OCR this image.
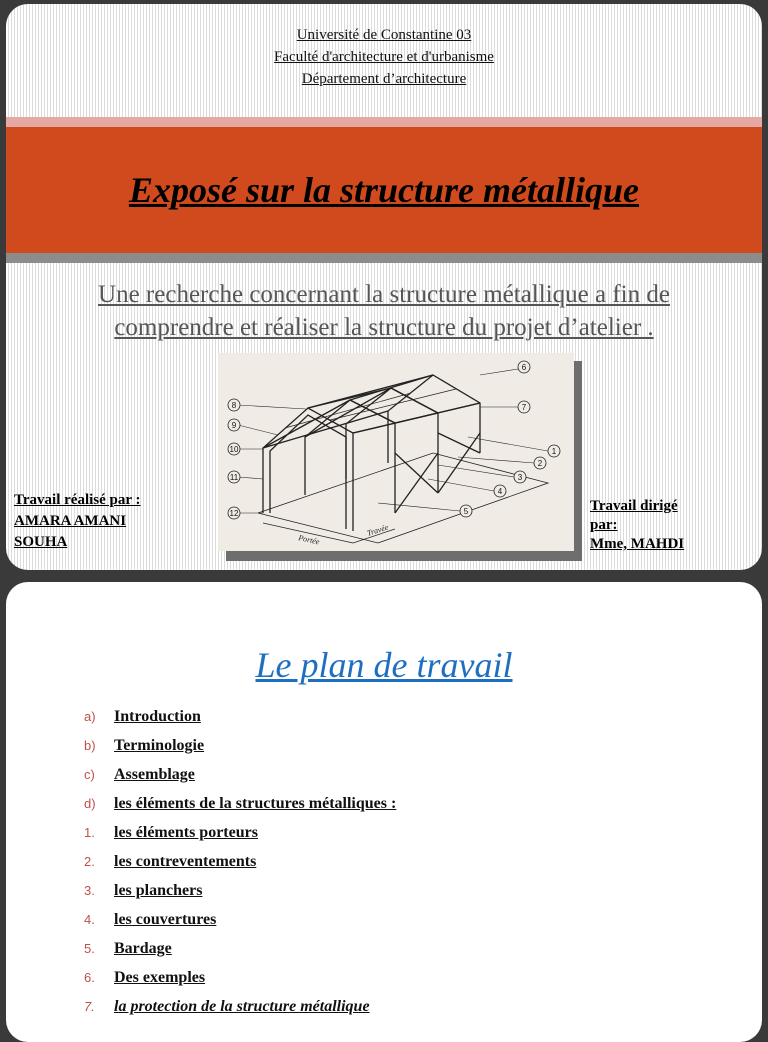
Université de Constantine 03
Faculté d'architecture et d'urbanisme
Département d’architecture
Exposé sur la structure métallique
Une recherche concernant la structure métallique a fin de
comprendre et réaliser la structure du projet d’atelier .
Portée
Travée
6
7
8
9
10
11
12
1
2
3
4
5
Travail réalisé par :
AMARA AMANI
SOUHA
Travail dirigé
par:
Mme, MAHDI
Le plan de travail
a)	Introduction
b)	Terminologie
c)	Assemblage
d)	les éléments de la structures métalliques :
1.	les éléments porteurs
2.	les contreventements
3.	les planchers
4.	les couvertures
5.	Bardage
6.	Des exemples
7.	la protection de la structure métallique
